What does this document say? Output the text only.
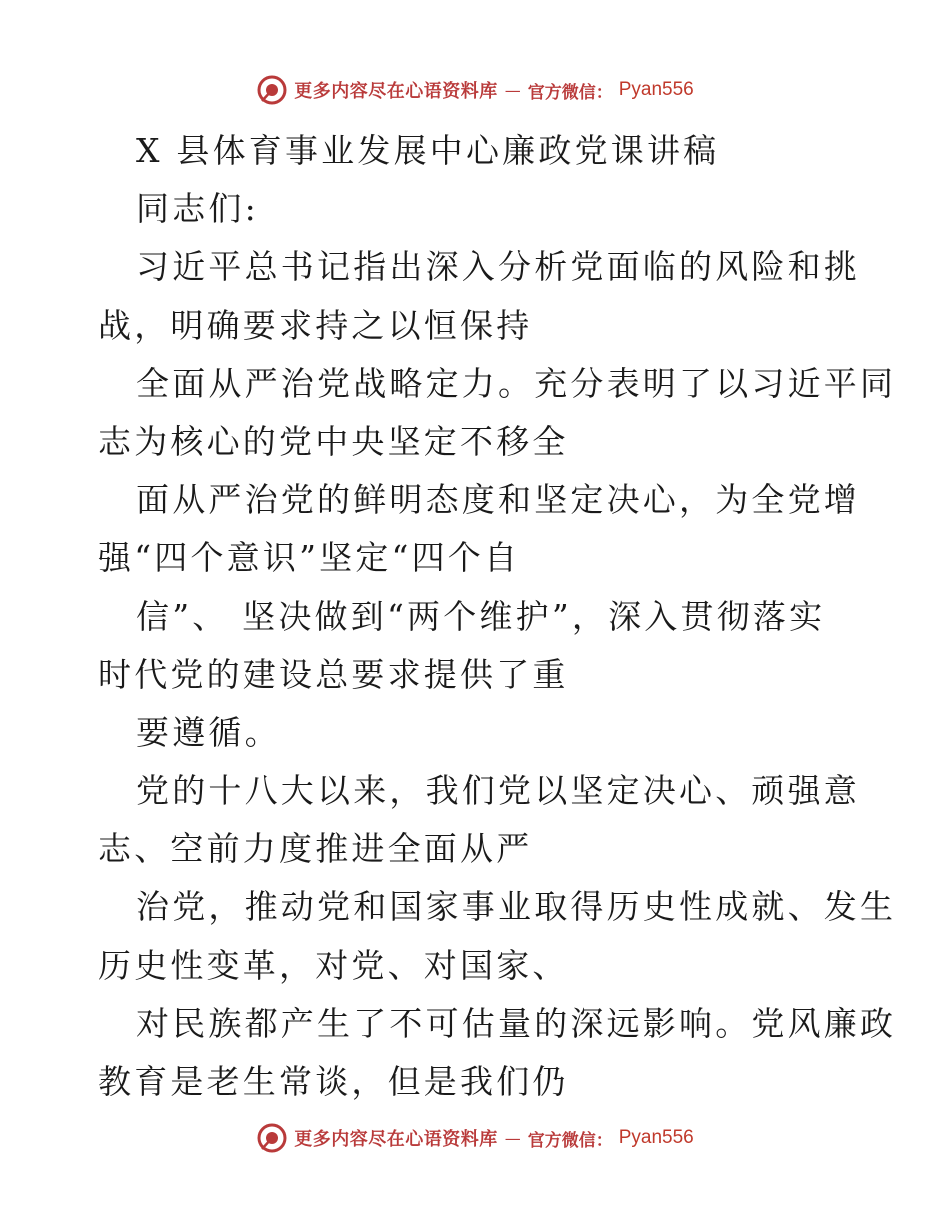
更多内容尽在心语资料库 — 官方微信： Pyan556
X 县体育事业发展中心廉政党课讲稿
同志们:
习近平总书记指出深入分析党面临的风险和挑
战，明确要求持之以恒保持
全面从严治党战略定力。充分表明了以习近平同
志为核心的党中央坚定不移全
面从严治党的鲜明态度和坚定决心，为全党增
强“四个意识”坚定“四个自
信”、 坚决做到“两个维护”，深入贯彻落实
时代党的建设总要求提供了重
要遵循。
党的十八大以来，我们党以坚定决心、顽强意
志、空前力度推进全面从严
治党，推动党和国家事业取得历史性成就、发生
历史性变革，对党、对国家、
对民族都产生了不可估量的深远影响。党风廉政
教育是老生常谈，但是我们仍
更多内容尽在心语资料库 — 官方微信： Pyan556
